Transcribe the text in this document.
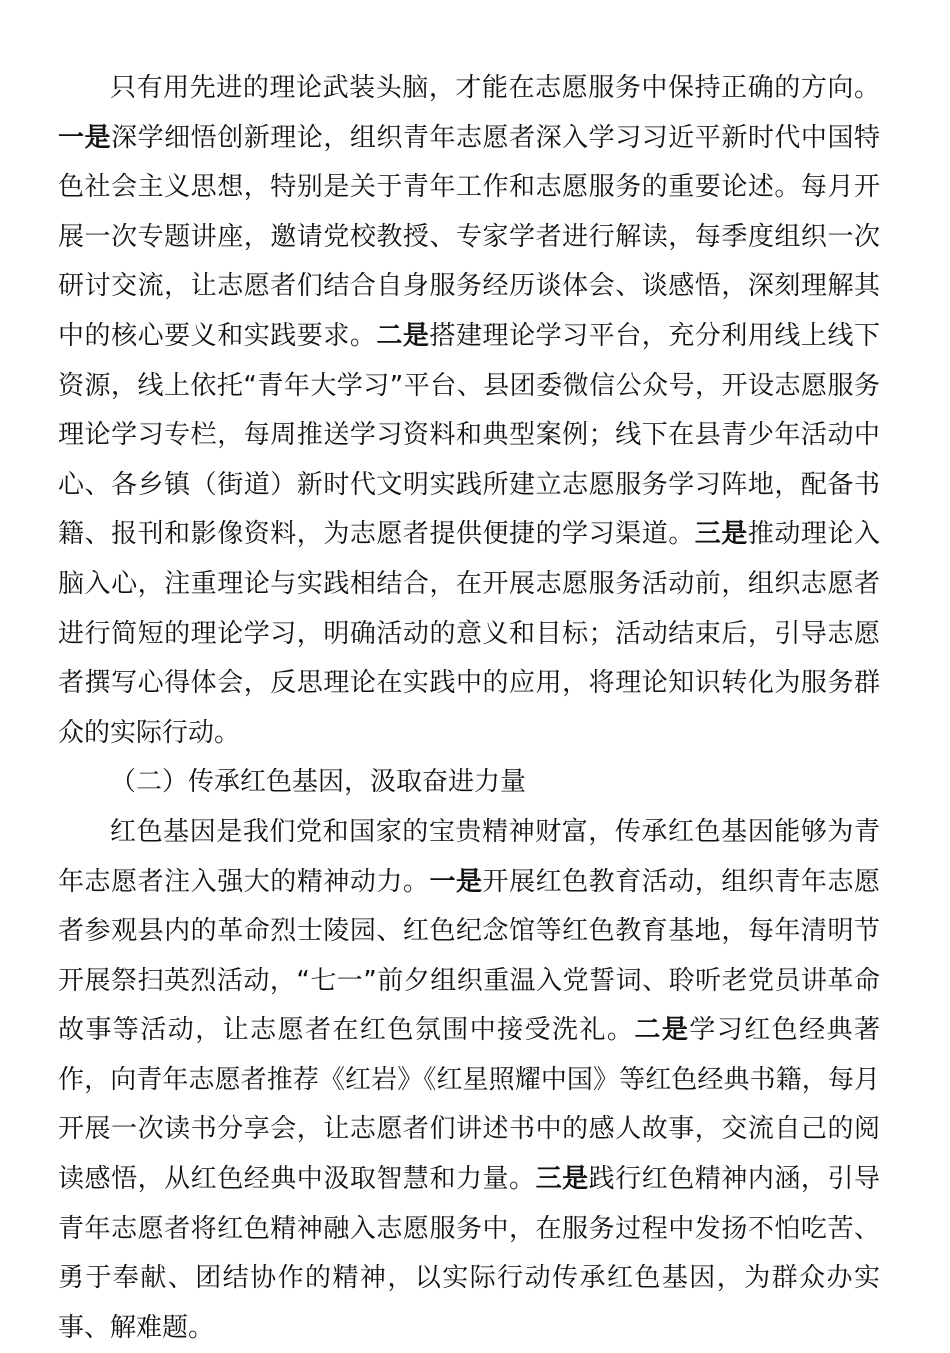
只有用先进的理论武装头脑，才能在志愿服务中保持正确的方向。一是深学细悟创新理论，组织青年志愿者深入学习习近平新时代中国特色社会主义思想，特别是关于青年工作和志愿服务的重要论述。每月开展一次专题讲座，邀请党校教授、专家学者进行解读，每季度组织一次研讨交流，让志愿者们结合自身服务经历谈体会、谈感悟，深刻理解其中的核心要义和实践要求。二是搭建理论学习平台，充分利用线上线下资源，线上依托“青年大学习”平台、县团委微信公众号，开设志愿服务理论学习专栏，每周推送学习资料和典型案例；线下在县青少年活动中心、各乡镇（街道）新时代文明实践所建立志愿服务学习阵地，配备书籍、报刊和影像资料，为志愿者提供便捷的学习渠道。三是推动理论入脑入心，注重理论与实践相结合，在开展志愿服务活动前，组织志愿者进行简短的理论学习，明确活动的意义和目标；活动结束后，引导志愿者撰写心得体会，反思理论在实践中的应用，将理论知识转化为服务群众的实际行动。

（二）传承红色基因，汲取奋进力量

红色基因是我们党和国家的宝贵精神财富，传承红色基因能够为青年志愿者注入强大的精神动力。一是开展红色教育活动，组织青年志愿者参观县内的革命烈士陵园、红色纪念馆等红色教育基地，每年清明节开展祭扫英烈活动，“七一”前夕组织重温入党誓词、聆听老党员讲革命故事等活动，让志愿者在红色氛围中接受洗礼。二是学习红色经典著作，向青年志愿者推荐《红岩》《红星照耀中国》等红色经典书籍，每月开展一次读书分享会，让志愿者们讲述书中的感人故事，交流自己的阅读感悟，从红色经典中汲取智慧和力量。三是践行红色精神内涵，引导青年志愿者将红色精神融入志愿服务中，在服务过程中发扬不怕吃苦、勇于奉献、团结协作的精神，以实际行动传承红色基因，为群众办实事、解难题。
